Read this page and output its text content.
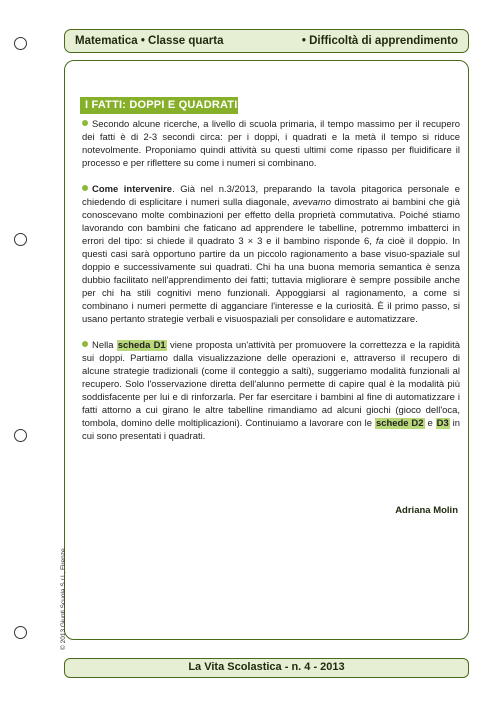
Matematica • Classe quarta	• Difficoltà di apprendimento
I FATTI: DOPPI E QUADRATI

Secondo alcune ricerche, a livello di scuola primaria, il tempo massimo per il recupero dei fatti è di 2-3 secondi circa: per i doppi, i quadrati e la metà il tempo si riduce notevolmente. Proponiamo quindi attività su questi ultimi come ripasso per fluidificare il processo e per riflettere su come i numeri si combinano.

Come intervenire. Già nel n.3/2013, preparando la tavola pitagorica personale e chiedendo di esplicitare i numeri sulla diagonale, avevamo dimostrato ai bambini che già conoscevano molte combinazioni per effetto della proprietà commutativa. Poiché stiamo lavorando con bambini che faticano ad apprendere le tabelline, potremmo imbatterci in errori del tipo: si chiede il quadrato 3 × 3 e il bambino risponde 6, fa cioè il doppio. In questi casi sarà opportuno partire da un piccolo ragionamento a base visuo-spaziale sul doppio e successivamente sui quadrati. Chi ha una buona memoria semantica è senza dubbio facilitato nell'apprendimento dei fatti; tuttavia migliorare è sempre possibile anche per chi ha stili cognitivi meno funzionali. Appoggiarsi al ragionamento, a come si combinano i numeri permette di agganciare l'interesse e la curiosità. È il primo passo, si usano pertanto strategie verbali e visuospaziali per consolidare e automatizzare.

Nella scheda D1 viene proposta un'attività per promuovere la correttezza e la rapidità sui doppi. Partiamo dalla visualizzazione delle operazioni e, attraverso il recupero di alcune strategie tradizionali (come il conteggio a salti), suggeriamo modalità funzionali al recupero. Solo l'osservazione diretta dell'alunno permette di capire qual è la modalità più soddisfacente per lui e di rinforzarla. Per far esercitare i bambini al fine di automatizzare i fatti attorno a cui girano le altre tabelline rimandiamo ad alcuni giochi (gioco dell'oca, tombola, domino delle moltiplicazioni). Continuiamo a lavorare con le schede D2 e D3 in cui sono presentati i quadrati.

Adriana Molin
© 2013 Giunti Scuola S.r.l., Firenze
La Vita Scolastica - n. 4 - 2013
